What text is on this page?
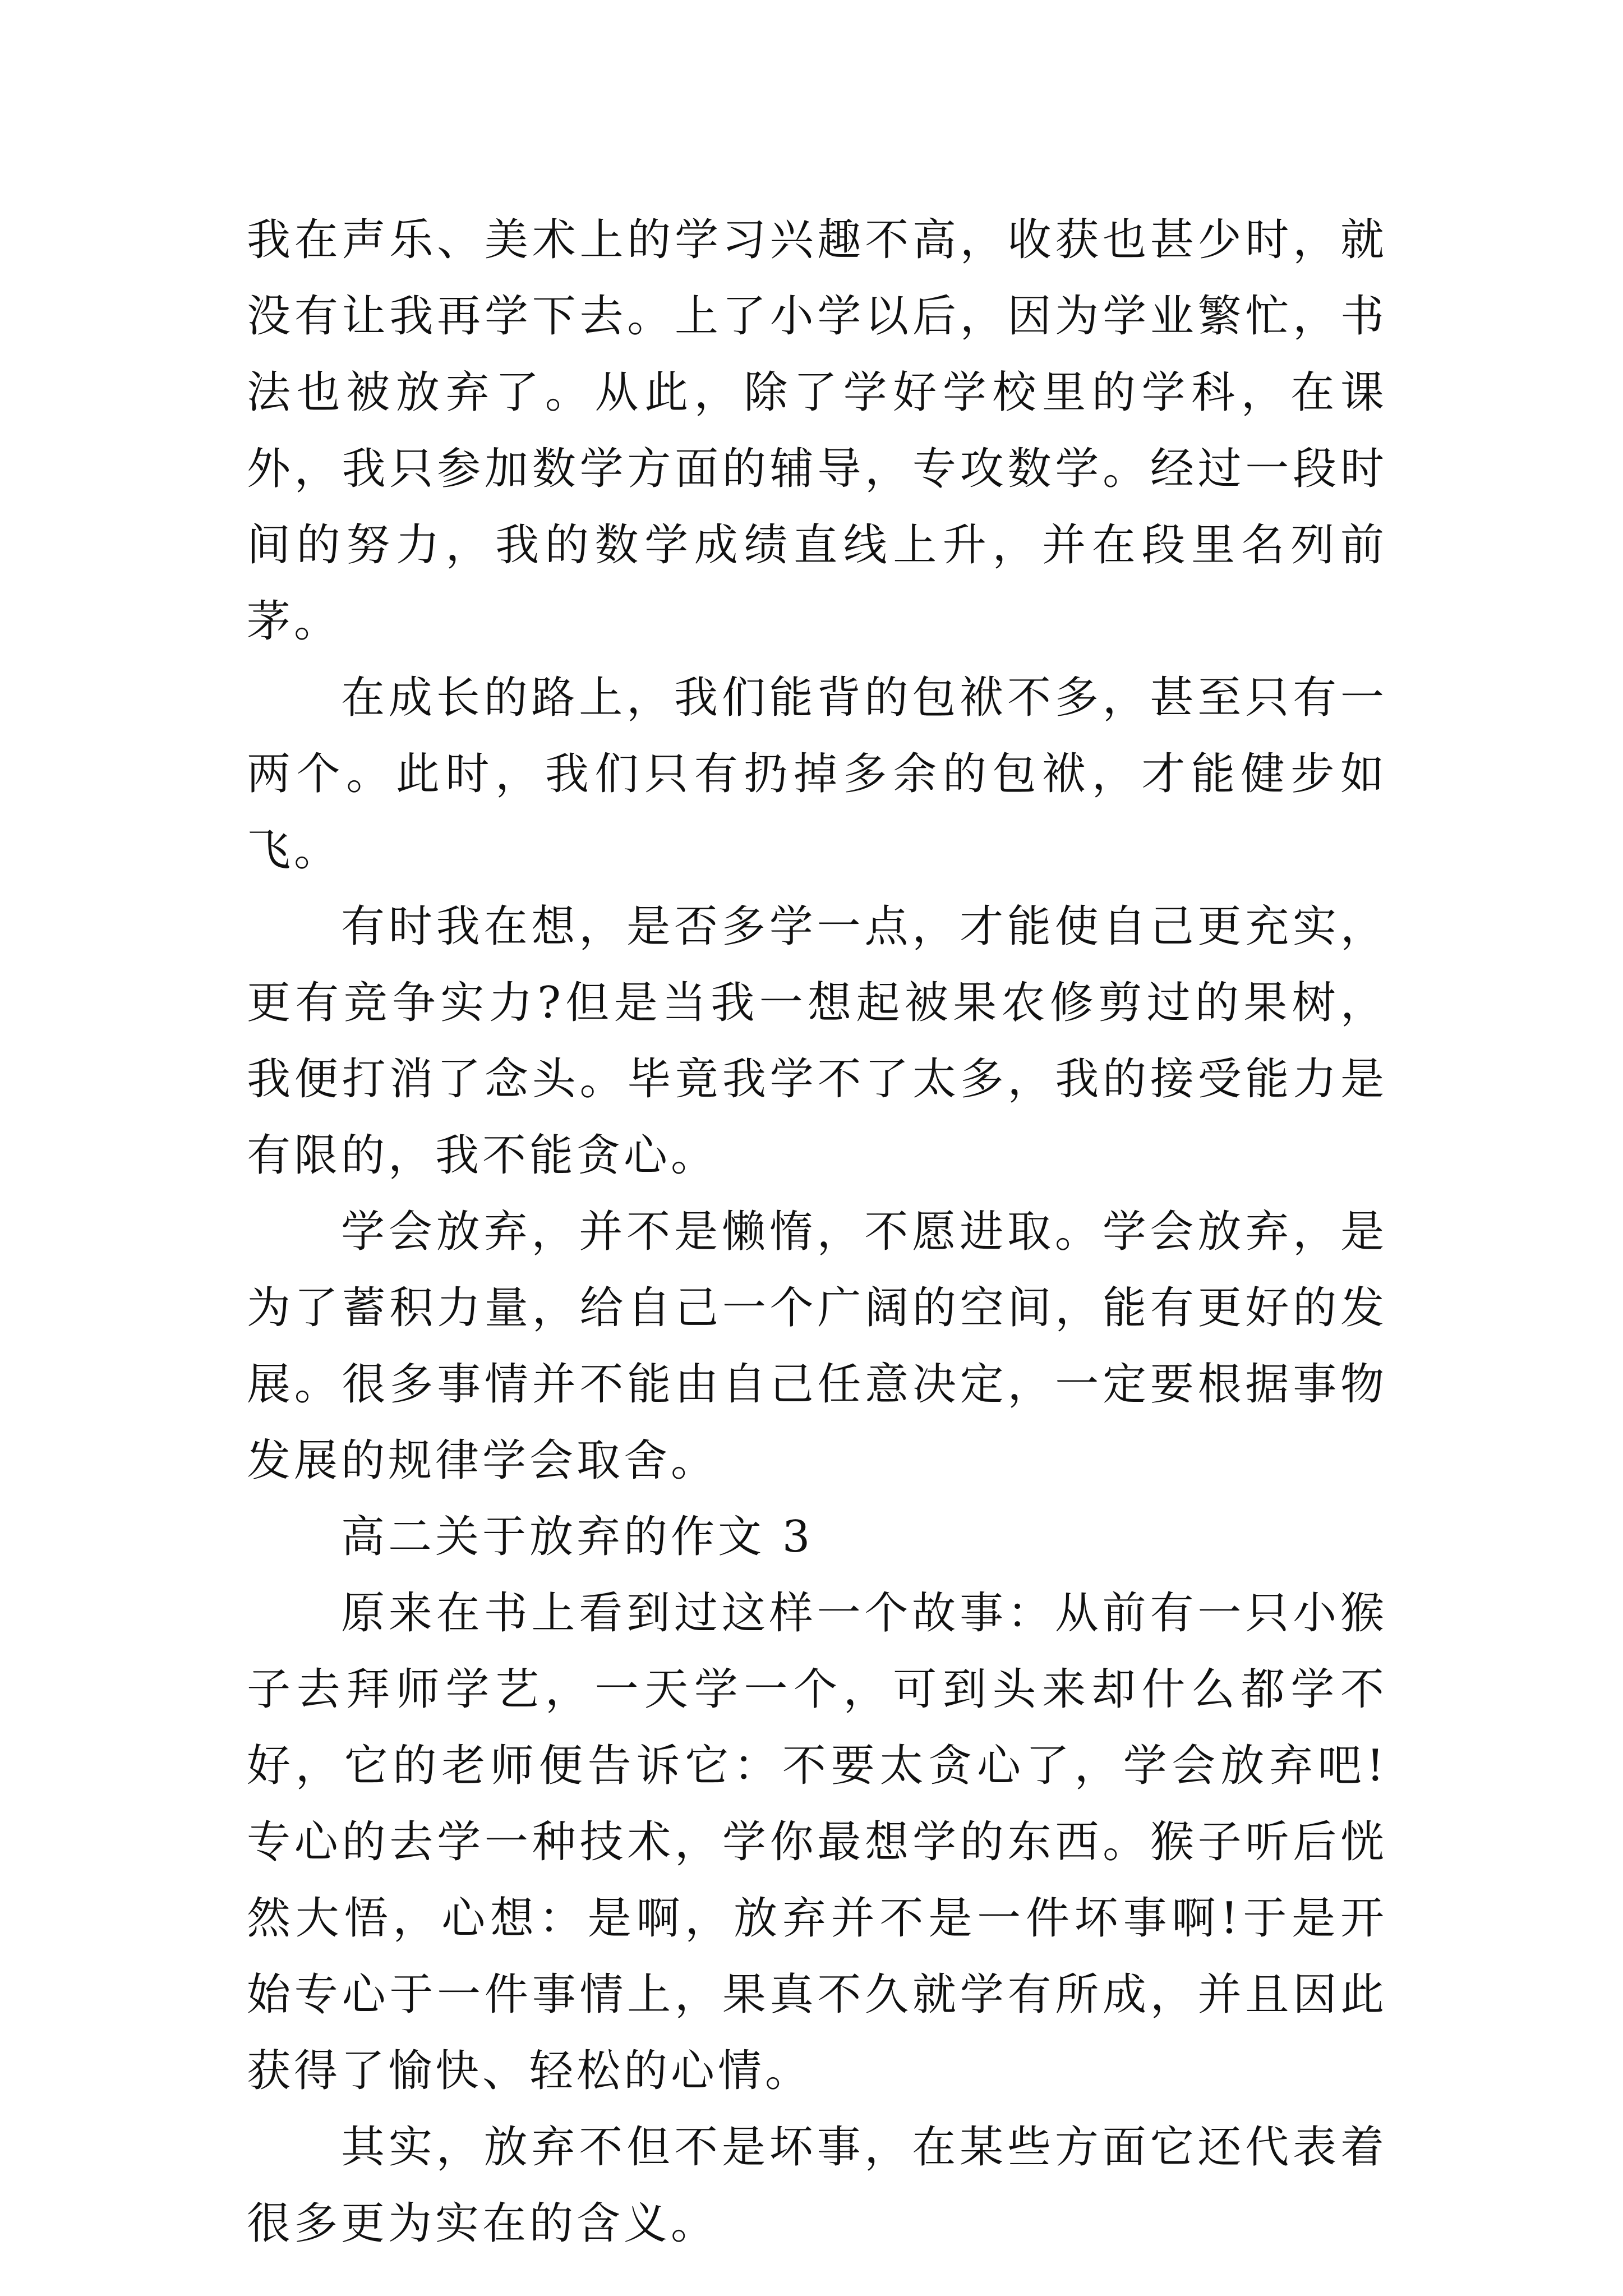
我在声乐、美术上的学习兴趣不高，收获也甚少时，就没有让我再学下去。上了小学以后，因为学业繁忙，书法也被放弃了。从此，除了学好学校里的学科，在课外，我只参加数学方面的辅导，专攻数学。经过一段时间的努力，我的数学成绩直线上升，并在段里名列前茅。

在成长的路上，我们能背的包袱不多，甚至只有一两个。此时，我们只有扔掉多余的包袱，才能健步如飞。

有时我在想，是否多学一点，才能使自己更充实，更有竞争实力?但是当我一想起被果农修剪过的果树，我便打消了念头。毕竟我学不了太多，我的接受能力是有限的，我不能贪心。

学会放弃，并不是懒惰，不愿进取。学会放弃，是为了蓄积力量，给自己一个广阔的空间，能有更好的发展。很多事情并不能由自己任意决定，一定要根据事物发展的规律学会取舍。

高二关于放弃的作文 3

原来在书上看到过这样一个故事：从前有一只小猴子去拜师学艺，一天学一个，可到头来却什么都学不好，它的老师便告诉它：不要太贪心了，学会放弃吧!专心的去学一种技术，学你最想学的东西。猴子听后恍然大悟，心想：是啊，放弃并不是一件坏事啊!于是开始专心于一件事情上，果真不久就学有所成，并且因此获得了愉快、轻松的心情。

其实，放弃不但不是坏事，在某些方面它还代表着很多更为实在的含义。
